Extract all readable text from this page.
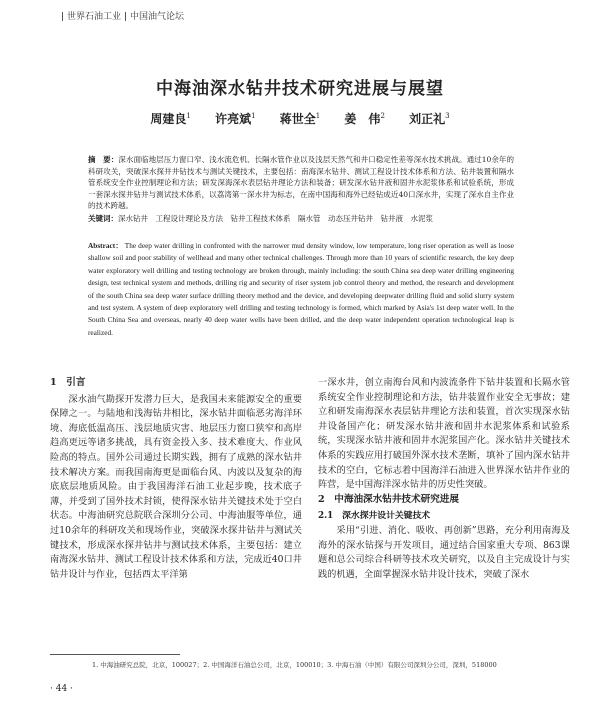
世界石油工业 中国油气论坛
中海油深水钻井技术研究进展与展望
周建良$^1$ 许亮斌$^1$ 蒋世全$^1$ 姜　伟$^2$ 刘正礼$^3$
摘　要：深水面临地层压力窗口窄、浅水流危机、长隔水管作业以及浅层天然气和井口稳定性差等深水技术挑战。通过10余年的科研攻关，突破深水探井井钻技术与测试关键技术，主要包括：南海深水钻井、测试工程设计技术体系和方法、钻井装置和隔水管系统安全作业控制理论和方法；研发深海深水表层钻井理论方法和装备；研发深水钻井液和固井水泥浆体系和试验系统，形成一套深水探井钻井与测试技术体系，以荔湾第一深水井为标志，在南中国海和海外已经钻成近40口深水井，实现了深水自主作业的技术跨越。
关键词：深水钻井　工程设计理论及方法　钻井工程技术体系　隔水管　动态压井钻井　钻井液　水泥浆
Abstract： The deep water drilling in confronted with the narrower mud density window, low temperature, long riser operation as well as loose shallow soil and poor stability of wellhead and many other technical challenges. Through more than 10 years of scientific research, the key deep water exploratory well drilling and testing technology are broken through, mainly including: the south China sea deep water drilling engineering design, test technical system and methods, drilling rig and security of riser system job control theory and method, the research and development of the south China sea deep water surface drilling theory method and the device, and developing deepwater drilling fluid and solid slurry system and test system. A system of deep exploratory well drilling and testing technology is formed, which marked by Asia's 1st deep water well. In the South China Sea and overseas, nearly 40 deep water wells have been drilled, and the deep water independent operation technological leap is realized.
1　引言

深水油气勘探开发潜力巨大，是我国未来能源安全的重要保障之一。与陆地和浅海钻井相比，深水钻井面临恶劣海洋环境、海底低温高压、浅层地质灾害、地层压力窗口狭窄和高岸趋高更远等诸多挑战，具有资金投入多、技术难度大、作业风险高的特点。国外公司通过长期实践，拥有了成熟的深水钻井技术解决方案。而我国南海更是面临台风、内波以及复杂的海底底层地质风险。由于我国海洋石油工业起步晚，技术底子薄，并受到了国外技术封锁，使得深水钻井关键技术处于空白状态。中海油研究总院联合深圳分公司、中海油服等单位，通过10余年的科研攻关和现场作业，突破深水探井钻井与测试关键技术，形成深水探井钻井与测试技术体系，主要包括：建立南海深水钻井、测试工程设计技术体系和方法，完成近40口井钻井设计与作业，包括西太平洋第

一深水井，创立南海台风和内波流条件下钻井装置和长隔水管系统安全作业控制理论和方法，钻井装置作业安全无事故；建立和研发南海深水表层钻井理论方法和装置，首次实现深水钻井设备国产化；研发深水钻井液和固井水泥浆体系和试验系统，实现深水钻井液和固井水泥浆国产化。深水钻井关键技术体系的实践应用打破国外深水技术垄断，填补了国内深水钻井技术的空白，它标志着中国海洋石油进入世界深水钻井作业的阵营，是中国海洋深水钻井的历史性突破。

2　中海油深水钻井技术研究进展
2.1　深水探井设计关键技术

采用“引进、消化、吸收、再创新”思路，充分利用南海及海外的深水钻探与开发项目，通过结合国家重大专项、863课题和总公司综合科研等技术攻关研究，以及自主完成设计与实践的机遇，全面掌握深水钻井设计技术，突破了深水

1. 中海油研究总院，北京，100027；2. 中国海洋石油总公司，北京，100010；3. 中海石油（中国）有限公司深圳分公司，深圳，518000
· 44 ·
